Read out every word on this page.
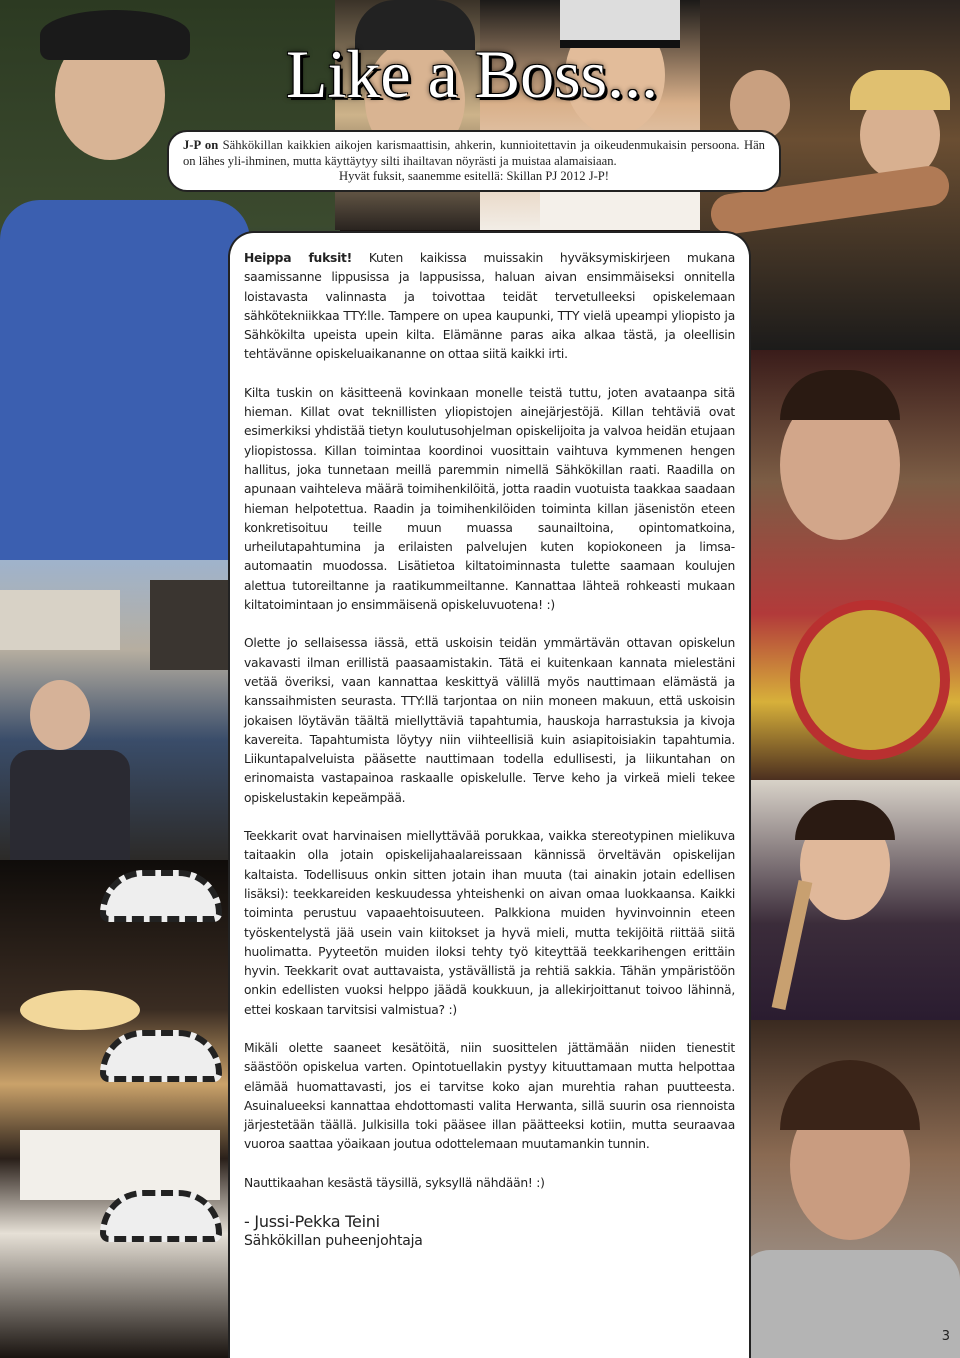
Like a Boss...
J-P on Sähkökillan kaikkien aikojen karismaattisin, ahkerin, kunnioitettavin ja oikeudenmukaisin persoona. Hän on lähes yli-ihminen, mutta käyttäytyy silti ihailtavan nöyrästi ja muistaa alamaisiaan.
Hyvät fuksit, saanemme esitellä: Skillan PJ 2012 J-P!

Heippa fuksit! Kuten kaikissa muissakin hyväksymiskirjeen mukana saamissanne lippusissa ja lappusissa, haluan aivan ensimmäiseksi onnitella loistavasta valinnasta ja toivottaa teidät tervetulleeksi opiskelemaan sähkötekniikkaa TTY:lle. Tampere on upea kaupunki, TTY vielä upeampi yliopisto ja Sähkökilta upeista upein kilta. Elämänne paras aika alkaa tästä, ja oleellisin tehtävänne opiskeluaikananne on ottaa siitä kaikki irti.

Kilta tuskin on käsitteenä kovinkaan monelle teistä tuttu, joten avataanpa sitä hieman. Killat ovat teknillisten yliopistojen ainejärjestöjä. Killan tehtäviä ovat esimerkiksi yhdistää tietyn koulutusohjelman opiskelijoita ja valvoa heidän etujaan yliopistossa. Killan toimintaa koordinoi vuosittain vaihtuva kymmenen hengen hallitus, joka tunnetaan meillä paremmin nimellä Sähkökillan raati. Raadilla on apunaan vaihteleva määrä toimihenkilöitä, jotta raadin vuotuista taakkaa saadaan hieman helpotettua. Raadin ja toimihenkilöiden toiminta killan jäsenistön eteen konkretisoituu teille muun muassa saunailtoina, opintomatkoina, urheilutapahtumina ja erilaisten palvelujen kuten kopiokoneen ja limsa-automaatin muodossa. Lisätietoa kiltatoiminnasta tulette saamaan koulujen alettua tutoreiltanne ja raatikummeiltanne. Kannattaa lähteä rohkeasti mukaan kiltatoimintaan jo ensimmäisenä opiskeluvuotena! :)

Olette jo sellaisessa iässä, että uskoisin teidän ymmärtävän ottavan opiskelun vakavasti ilman erillistä paasaamistakin. Tätä ei kuitenkaan kannata mielestäni vetää överiksi, vaan kannattaa keskittyä välillä myös nauttimaan elämästä ja kanssaihmisten seurasta. TTY:llä tarjontaa on niin moneen makuun, että uskoisin jokaisen löytävän täältä miellyttäviä tapahtumia, hauskoja harrastuksia ja kivoja kavereita. Tapahtumista löytyy niin viihteellisiä kuin asiapitoisiakin tapahtumia. Liikuntapalveluista pääsette nauttimaan todella edullisesti, ja liikuntahan on erinomaista vastapainoa raskaalle opiskelulle. Terve keho ja virkeä mieli tekee opiskelustakin kepeämpää.

Teekkarit ovat harvinaisen miellyttävää porukkaa, vaikka stereotypinen mielikuva taitaakin olla jotain opiskelijahaalareissaan kännissä örveltävän opiskelijan kaltaista. Todellisuus onkin sitten jotain ihan muuta (tai ainakin jotain edellisen lisäksi): teekkareiden keskuudessa yhteishenki on aivan omaa luokkaansa. Kaikki toiminta perustuu vapaaehtoisuuteen. Palkkiona muiden hyvinvoinnin eteen työskentelystä jää usein vain kiitokset ja hyvä mieli, mutta tekijöitä riittää siitä huolimatta. Pyyteetön muiden iloksi tehty työ kiteyttää teekkarihengen erittäin hyvin. Teekkarit ovat auttavaista, ystävällistä ja rehtiä sakkia. Tähän ympäristöön onkin edellisten vuoksi helppo jäädä koukkuun, ja allekirjoittanut toivoo lähinnä, ettei koskaan tarvitsisi valmistua? :)

Mikäli olette saaneet kesätöitä, niin suosittelen jättämään niiden tienestit säästöön opiskelua varten. Opintotuellakin pystyy kituuttamaan mutta helpottaa elämää huomattavasti, jos ei tarvitse koko ajan murehtia rahan puutteesta. Asuinalueeksi kannattaa ehdottomasti valita Herwanta, sillä suurin osa riennoista järjestetään täällä. Julkisilla toki pääsee illan päätteeksi kotiin, mutta seuraavaa vuoroa saattaa yöaikaan joutua odottelemaan muutamankin tunnin.

Nauttikaahan kesästä täysillä, syksyllä nähdään! :)

- Jussi-Pekka Teini
Sähkökillan puheenjohtaja
3
